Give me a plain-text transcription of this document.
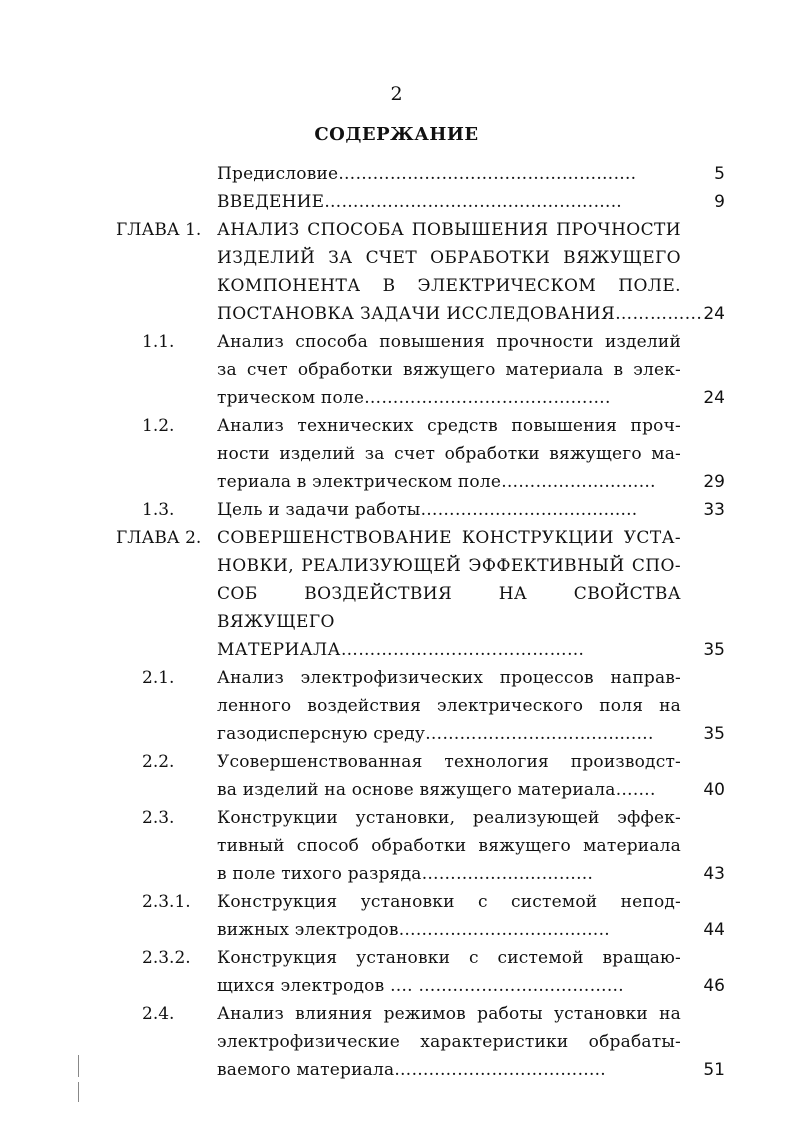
2
СОДЕРЖАНИЕ
Предисловие…………………………………………….	5
ВВЕДЕНИЕ……………………………..……………..	9
ГЛАВА 1. АНАЛИЗ СПОСОБА ПОВЫШЕНИЯ ПРОЧНОСТИ
ИЗДЕЛИЙ ЗА СЧЕТ ОБРАБОТКИ ВЯЖУЩЕГО
КОМПОНЕНТА В ЭЛЕКТРИЧЕСКОМ ПОЛЕ.
ПОСТАНОВКА ЗАДАЧИ ИССЛЕДОВАНИЯ…………... 24
1.1.	Анализ способа повышения прочности изделий
за счет обработки вяжущего материала в элек-
трическом поле…………………………………….	24
1.2.	Анализ технических средств повышения проч-
ности изделий за счет обработки вяжущего ма-
териала в электрическом поле………………………	29
1.3.	Цель и задачи работы…………………..…….….....	33
ГЛАВА 2. СОВЕРШЕНСТВОВАНИЕ КОНСТРУКЦИИ УСТА-
НОВКИ, РЕАЛИЗУЮЩЕЙ ЭФФЕКТИВНЫЙ СПО-
СОБ ВОЗДЕЙСТВИЯ НА СВОЙСТВА ВЯЖУЩЕГО
МАТЕРИАЛА………………..…….……………	35
2.1.	Анализ электрофизических процессов направ-
ленного воздействия электрического поля на
газодисперсную среду…………………..………....….	35
2.2.	Усовершенствованная технология производст-
ва изделий на основе вяжущего материала…….	40
2.3.	Конструкции установки, реализующей эффек-
тивный способ обработки вяжущего материала
в поле тихого разряда………..…….…………	43
2.3.1. Конструкция установки с системой непод-
вижных электродов………..……….……..……..	44
2.3.2. Конструкция установки с системой вращаю-
щихся электродов …. …..……………....…………	46
2.4.	Анализ влияния режимов работы установки на
электрофизические характеристики обрабаты-
ваемого материала……..………………………..	51
